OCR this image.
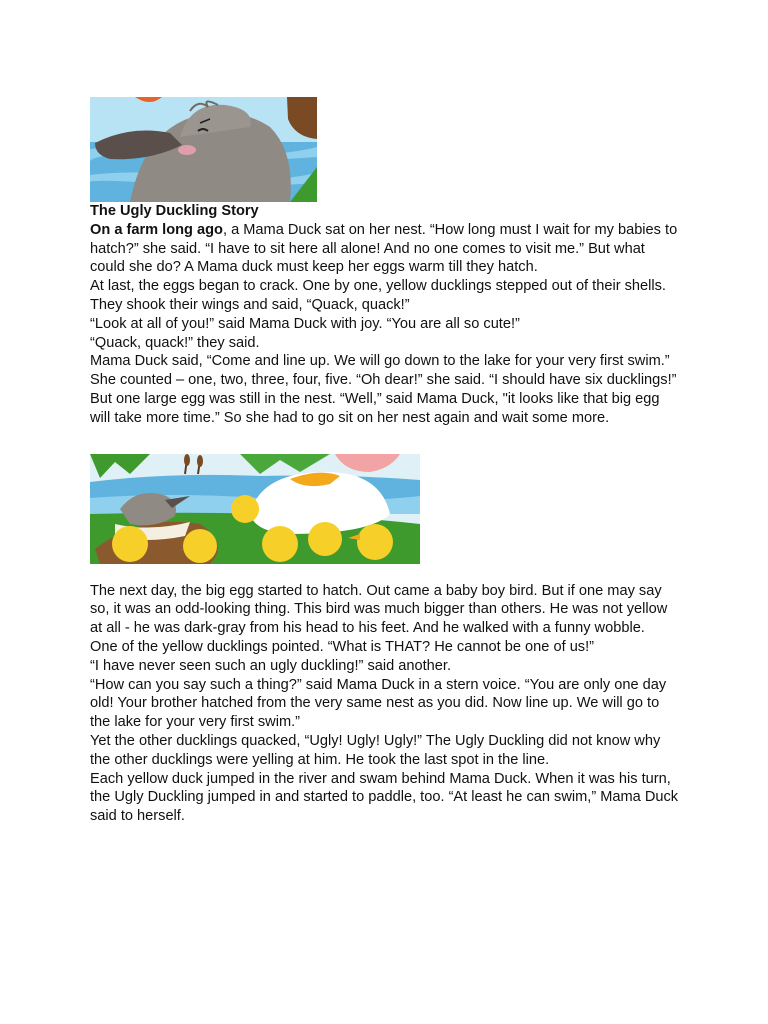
The Ugly Duckling Story

On a farm long ago, a Mama Duck sat on her nest. “How long must I wait for my babies to hatch?” she said. “I have to sit here all alone! And no one comes to visit me.” But what could she do? A Mama duck must keep her eggs warm till they hatch.

At last, the eggs began to crack. One by one, yellow ducklings stepped out of their shells. They shook their wings and said, “Quack, quack!”

“Look at all of you!” said Mama Duck with joy. “You are all so cute!”

“Quack, quack!” they said.

Mama Duck said, “Come and line up. We will go down to the lake for your very first swim.” She counted – one, two, three, four, five. “Oh dear!” she said. “I should have six ducklings!”

But one large egg was still in the nest. “Well,” said Mama Duck, "it looks like that big egg will take more time.” So she had to go sit on her nest again and wait some more.

The next day, the big egg started to hatch. Out came a baby boy bird. But if one may say so, it was an odd-looking thing. This bird was much bigger than others. He was not yellow at all - he was dark-gray from his head to his feet. And he walked with a funny wobble.

One of the yellow ducklings pointed. “What is THAT? He cannot be one of us!”

“I have never seen such an ugly duckling!” said another.

“How can you say such a thing?” said Mama Duck in a stern voice. “You are only one day old! Your brother hatched from the very same nest as you did. Now line up. We will go to the lake for your very first swim.”

Yet the other ducklings quacked, “Ugly! Ugly! Ugly!” The Ugly Duckling did not know why the other ducklings were yelling at him. He took the last spot in the line.

Each yellow duck jumped in the river and swam behind Mama Duck. When it was his turn, the Ugly Duckling jumped in and started to paddle, too. “At least he can swim,” Mama Duck said to herself.
